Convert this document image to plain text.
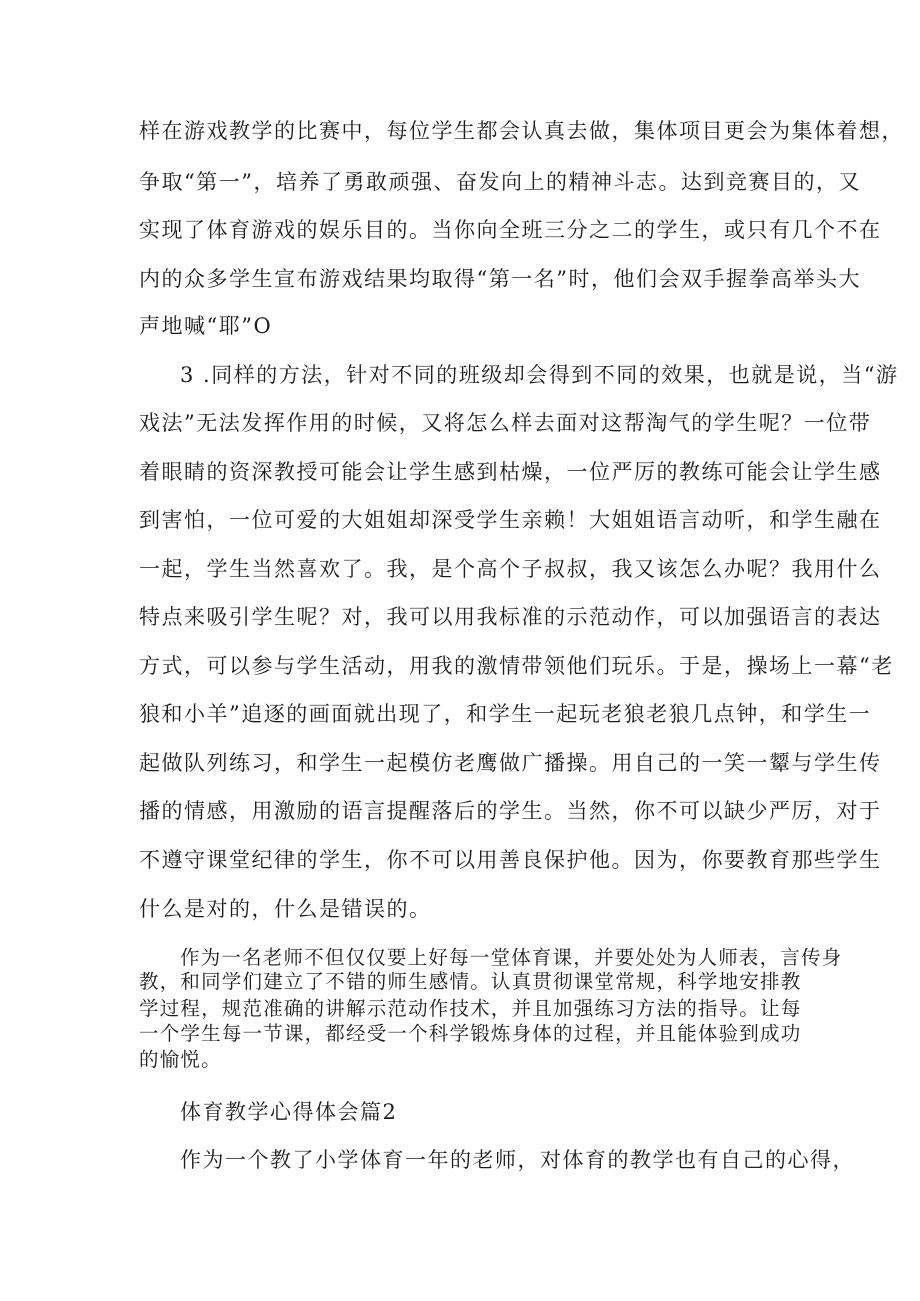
样在游戏教学的比赛中，每位学生都会认真去做，集体项目更会为集体着想，
争取“第一”，培养了勇敢顽强、奋发向上的精神斗志。达到竞赛目的，又
实现了体育游戏的娱乐目的。当你向全班三分之二的学生，或只有几个不在
内的众多学生宣布游戏结果均取得“第一名”时，他们会双手握拳高举头大
声地喊“耶”O
3 .同样的方法，针对不同的班级却会得到不同的效果，也就是说，当“游
戏法”无法发挥作用的时候，又将怎么样去面对这帮淘气的学生呢？一位带
着眼睛的资深教授可能会让学生感到枯燥，一位严厉的教练可能会让学生感
到害怕，一位可爱的大姐姐却深受学生亲赖！大姐姐语言动听，和学生融在
一起，学生当然喜欢了。我，是个高个子叔叔，我又该怎么办呢？我用什么
特点来吸引学生呢？对，我可以用我标准的示范动作，可以加强语言的表达
方式，可以参与学生活动，用我的激情带领他们玩乐。于是，操场上一幕“老
狼和小羊”追逐的画面就出现了，和学生一起玩老狼老狼几点钟，和学生一
起做队列练习，和学生一起模仿老鹰做广播操。用自己的一笑一颦与学生传
播的情感，用激励的语言提醒落后的学生。当然，你不可以缺少严厉，对于
不遵守课堂纪律的学生，你不可以用善良保护他。因为，你要教育那些学生
什么是对的，什么是错误的。
作为一名老师不但仅仅要上好每一堂体育课，并要处处为人师表，言传身
教，和同学们建立了不错的师生感情。认真贯彻课堂常规，科学地安排教
学过程，规范准确的讲解示范动作技术，并且加强练习方法的指导。让每
一个学生每一节课，都经受一个科学锻炼身体的过程，并且能体验到成功
的愉悦。
体育教学心得体会篇2
作为一个教了小学体育一年的老师，对体育的教学也有自己的心得，
